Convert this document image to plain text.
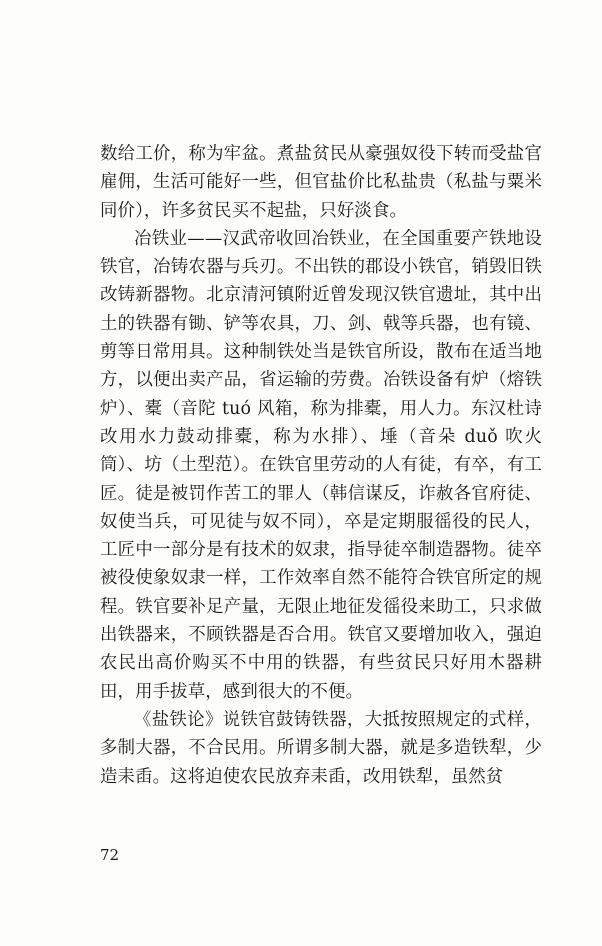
数给工价，称为牢盆。煮盐贫民从豪强奴役下转而受盐官雇佣，生活可能好一些，但官盐价比私盐贵（私盐与粟米同价），许多贫民买不起盐，只好淡食。

冶铁业——汉武帝收回冶铁业，在全国重要产铁地设铁官，冶铸农器与兵刃。不出铁的郡设小铁官，销毁旧铁改铸新器物。北京清河镇附近曾发现汉铁官遗址，其中出土的铁器有锄、铲等农具，刀、剑、戟等兵器，也有镜、剪等日常用具。这种制铁处当是铁官所设，散布在适当地方，以便出卖产品，省运输的劳费。冶铁设备有炉（熔铁炉）、橐（音陀 tuó 风箱，称为排橐，用人力。东汉杜诗改用水力鼓动排橐，称为水排）、埵（音朵 duǒ 吹火筒）、坊（土型范）。在铁官里劳动的人有徒，有卒，有工匠。徒是被罚作苦工的罪人（韩信谋反，诈赦各官府徒、奴使当兵，可见徒与奴不同），卒是定期服徭役的民人，工匠中一部分是有技术的奴隶，指导徒卒制造器物。徒卒被役使象奴隶一样，工作效率自然不能符合铁官所定的规程。铁官要补足产量，无限止地征发徭役来助工，只求做出铁器来，不顾铁器是否合用。铁官又要增加收入，强迫农民出高价购买不中用的铁器，有些贫民只好用木器耕田，用手拔草，感到很大的不便。

《盐铁论》说铁官鼓铸铁器，大抵按照规定的式样，多制大器，不合民用。所谓多制大器，就是多造铁犁，少造耒臿。这将迫使农民放弃耒臿，改用铁犁，虽然贫

72
